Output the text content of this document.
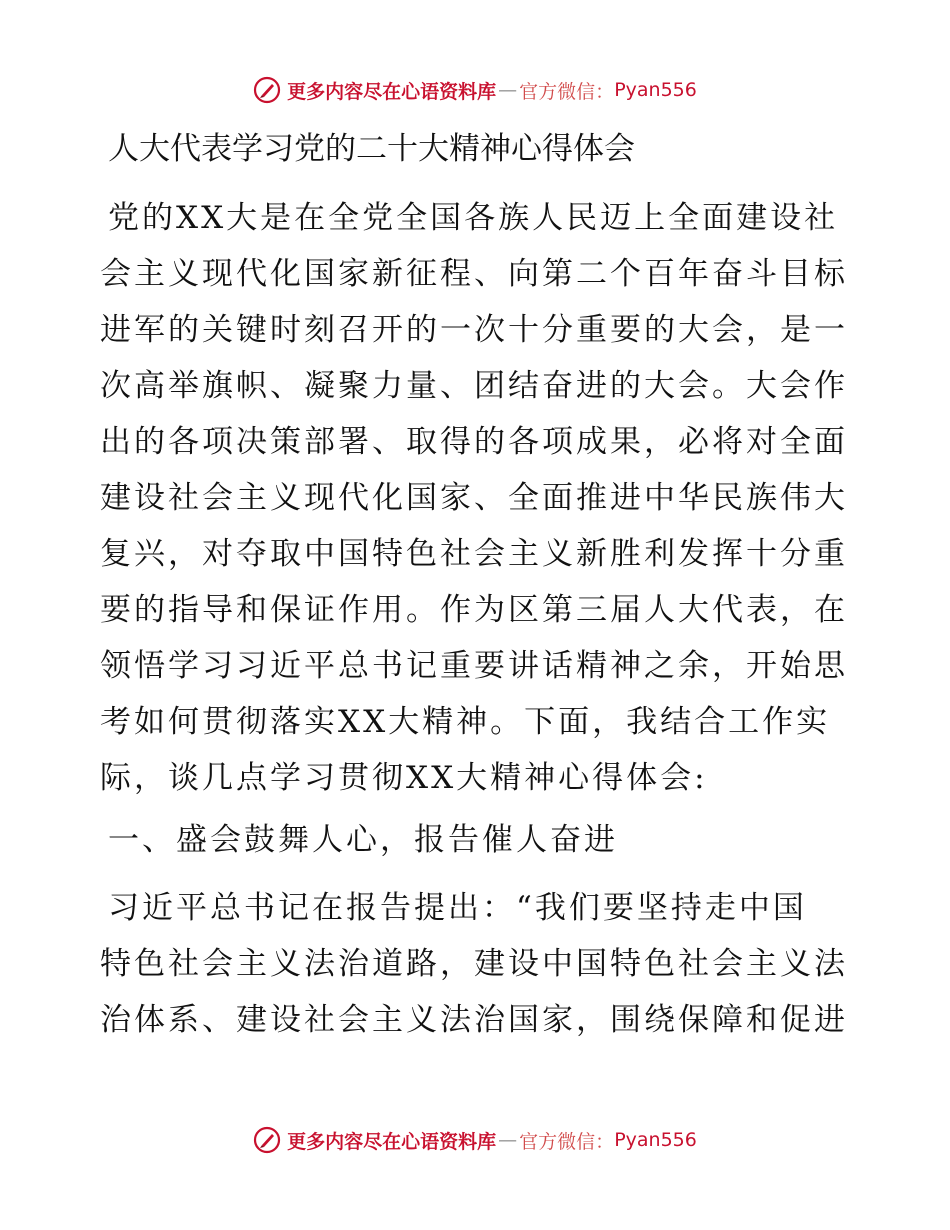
更多内容尽在心语资料库 — 官方微信： Pyan556
人大代表学习党的二十大精神心得体会

党的XX大是在全党全国各族人民迈上全面建设社
会主义现代化国家新征程、向第二个百年奋斗目标
进军的关键时刻召开的一次十分重要的大会，是一
次高举旗帜、凝聚力量、团结奋进的大会。大会作
出的各项决策部署、取得的各项成果，必将对全面
建设社会主义现代化国家、全面推进中华民族伟大
复兴，对夺取中国特色社会主义新胜利发挥十分重
要的指导和保证作用。作为区第三届人大代表，在
领悟学习习近平总书记重要讲话精神之余，开始思
考如何贯彻落实XX大精神。下面，我结合工作实
际，谈几点学习贯彻XX大精神心得体会:

一、盛会鼓舞人心，报告催人奋进

习近平总书记在报告提出：“我们要坚持走中国
特色社会主义法治道路，建设中国特色社会主义法
治体系、建设社会主义法治国家，围绕保障和促进

更多内容尽在心语资料库 — 官方微信： Pyan556
